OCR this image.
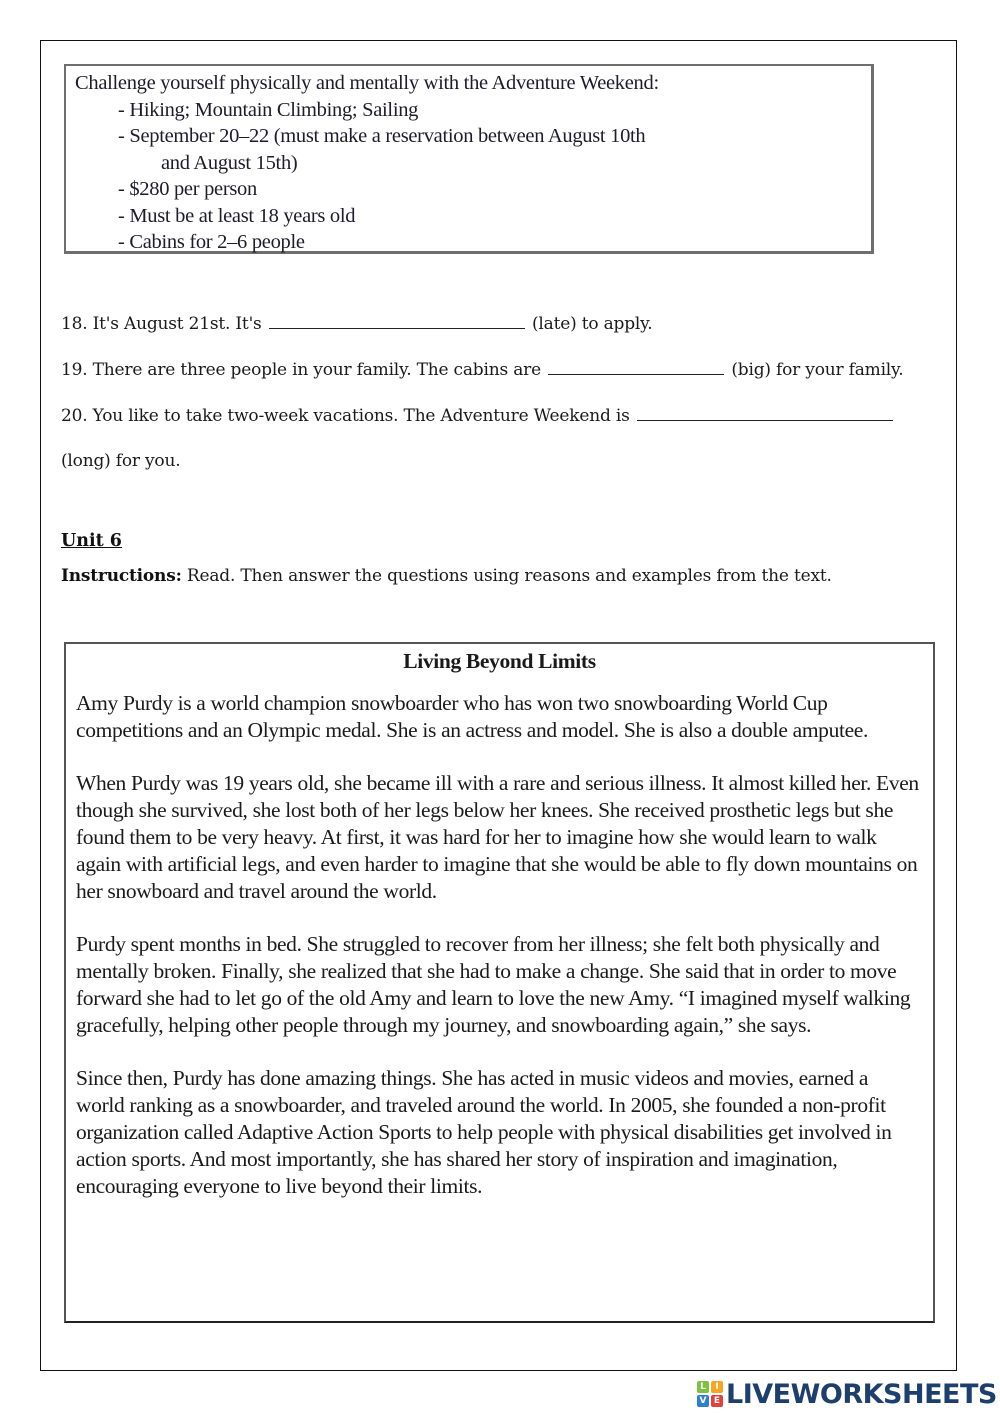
Challenge yourself physically and mentally with the Adventure Weekend:
- Hiking; Mountain Climbing; Sailing
- September 20–22 (must make a reservation between August 10th
and August 15th)
- $280 per person
- Must be at least 18 years old
- Cabins for 2–6 people
18. It's August 21st. It's	(late) to apply.
19. There are three people in your family. The cabins are	(big) for your family.
20. You like to take two-week vacations. The Adventure Weekend is
(long) for you.
Unit 6
Instructions: Read. Then answer the questions using reasons and examples from the text.
Living Beyond Limits

Amy Purdy is a world champion snowboarder who has won two snowboarding World Cup competitions and an Olympic medal. She is an actress and model. She is also a double amputee.

When Purdy was 19 years old, she became ill with a rare and serious illness. It almost killed her. Even though she survived, she lost both of her legs below her knees. She received prosthetic legs but she found them to be very heavy. At first, it was hard for her to imagine how she would learn to walk again with artificial legs, and even harder to imagine that she would be able to fly down mountains on her snowboard and travel around the world.

Purdy spent months in bed. She struggled to recover from her illness; she felt both physically and mentally broken. Finally, she realized that she had to make a change. She said that in order to move forward she had to let go of the old Amy and learn to love the new Amy. “I imagined myself walking gracefully, helping other people through my journey, and snowboarding again,” she says.

Since then, Purdy has done amazing things. She has acted in music videos and movies, earned a world ranking as a snowboarder, and traveled around the world. In 2005, she founded a non-profit organization called Adaptive Action Sports to help people with physical disabilities get involved in action sports. And most importantly, she has shared her story of inspiration and imagination, encouraging everyone to live beyond their limits.

L	I
V E LIVEWORKSHEETS
